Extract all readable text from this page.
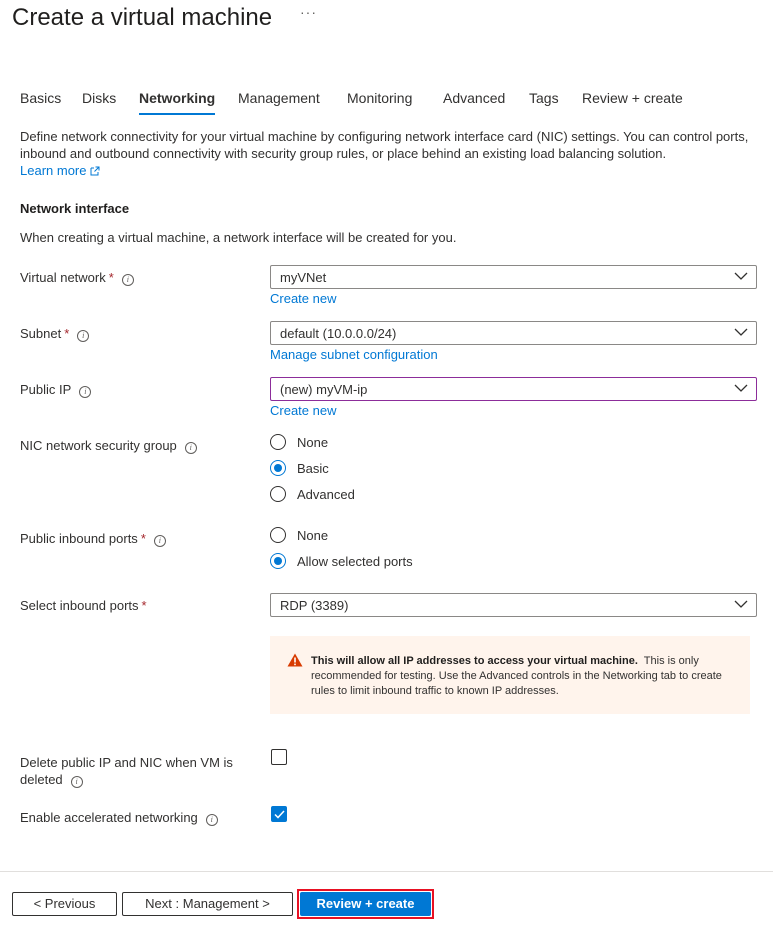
Create a virtual machine ···
Basics Disks Networking Management Monitoring Advanced Tags Review + create
Define network connectivity for your virtual machine by configuring network interface card (NIC) settings. You can control ports, inbound and outbound connectivity with security group rules, or place behind an existing load balancing solution.
Learn more
Network interface
When creating a virtual machine, a network interface will be created for you.
Virtual network * i	myVNet
Create new
Subnet * i	default (10.0.0.0/24)
Manage subnet configuration
Public IP i	(new) myVM-ip
Create new
NIC network security group i	None
Basic
Advanced
Public inbound ports * i	None
Allow selected ports
Select inbound ports *	RDP (3389)
This will allow all IP addresses to access your virtual machine. This is only recommended for testing. Use the Advanced controls in the Networking tab to create rules to limit inbound traffic to known IP addresses.
Delete public IP and NIC when VM is
deleted i
Enable accelerated networking i
< Previous	Next : Management >	Review + create
